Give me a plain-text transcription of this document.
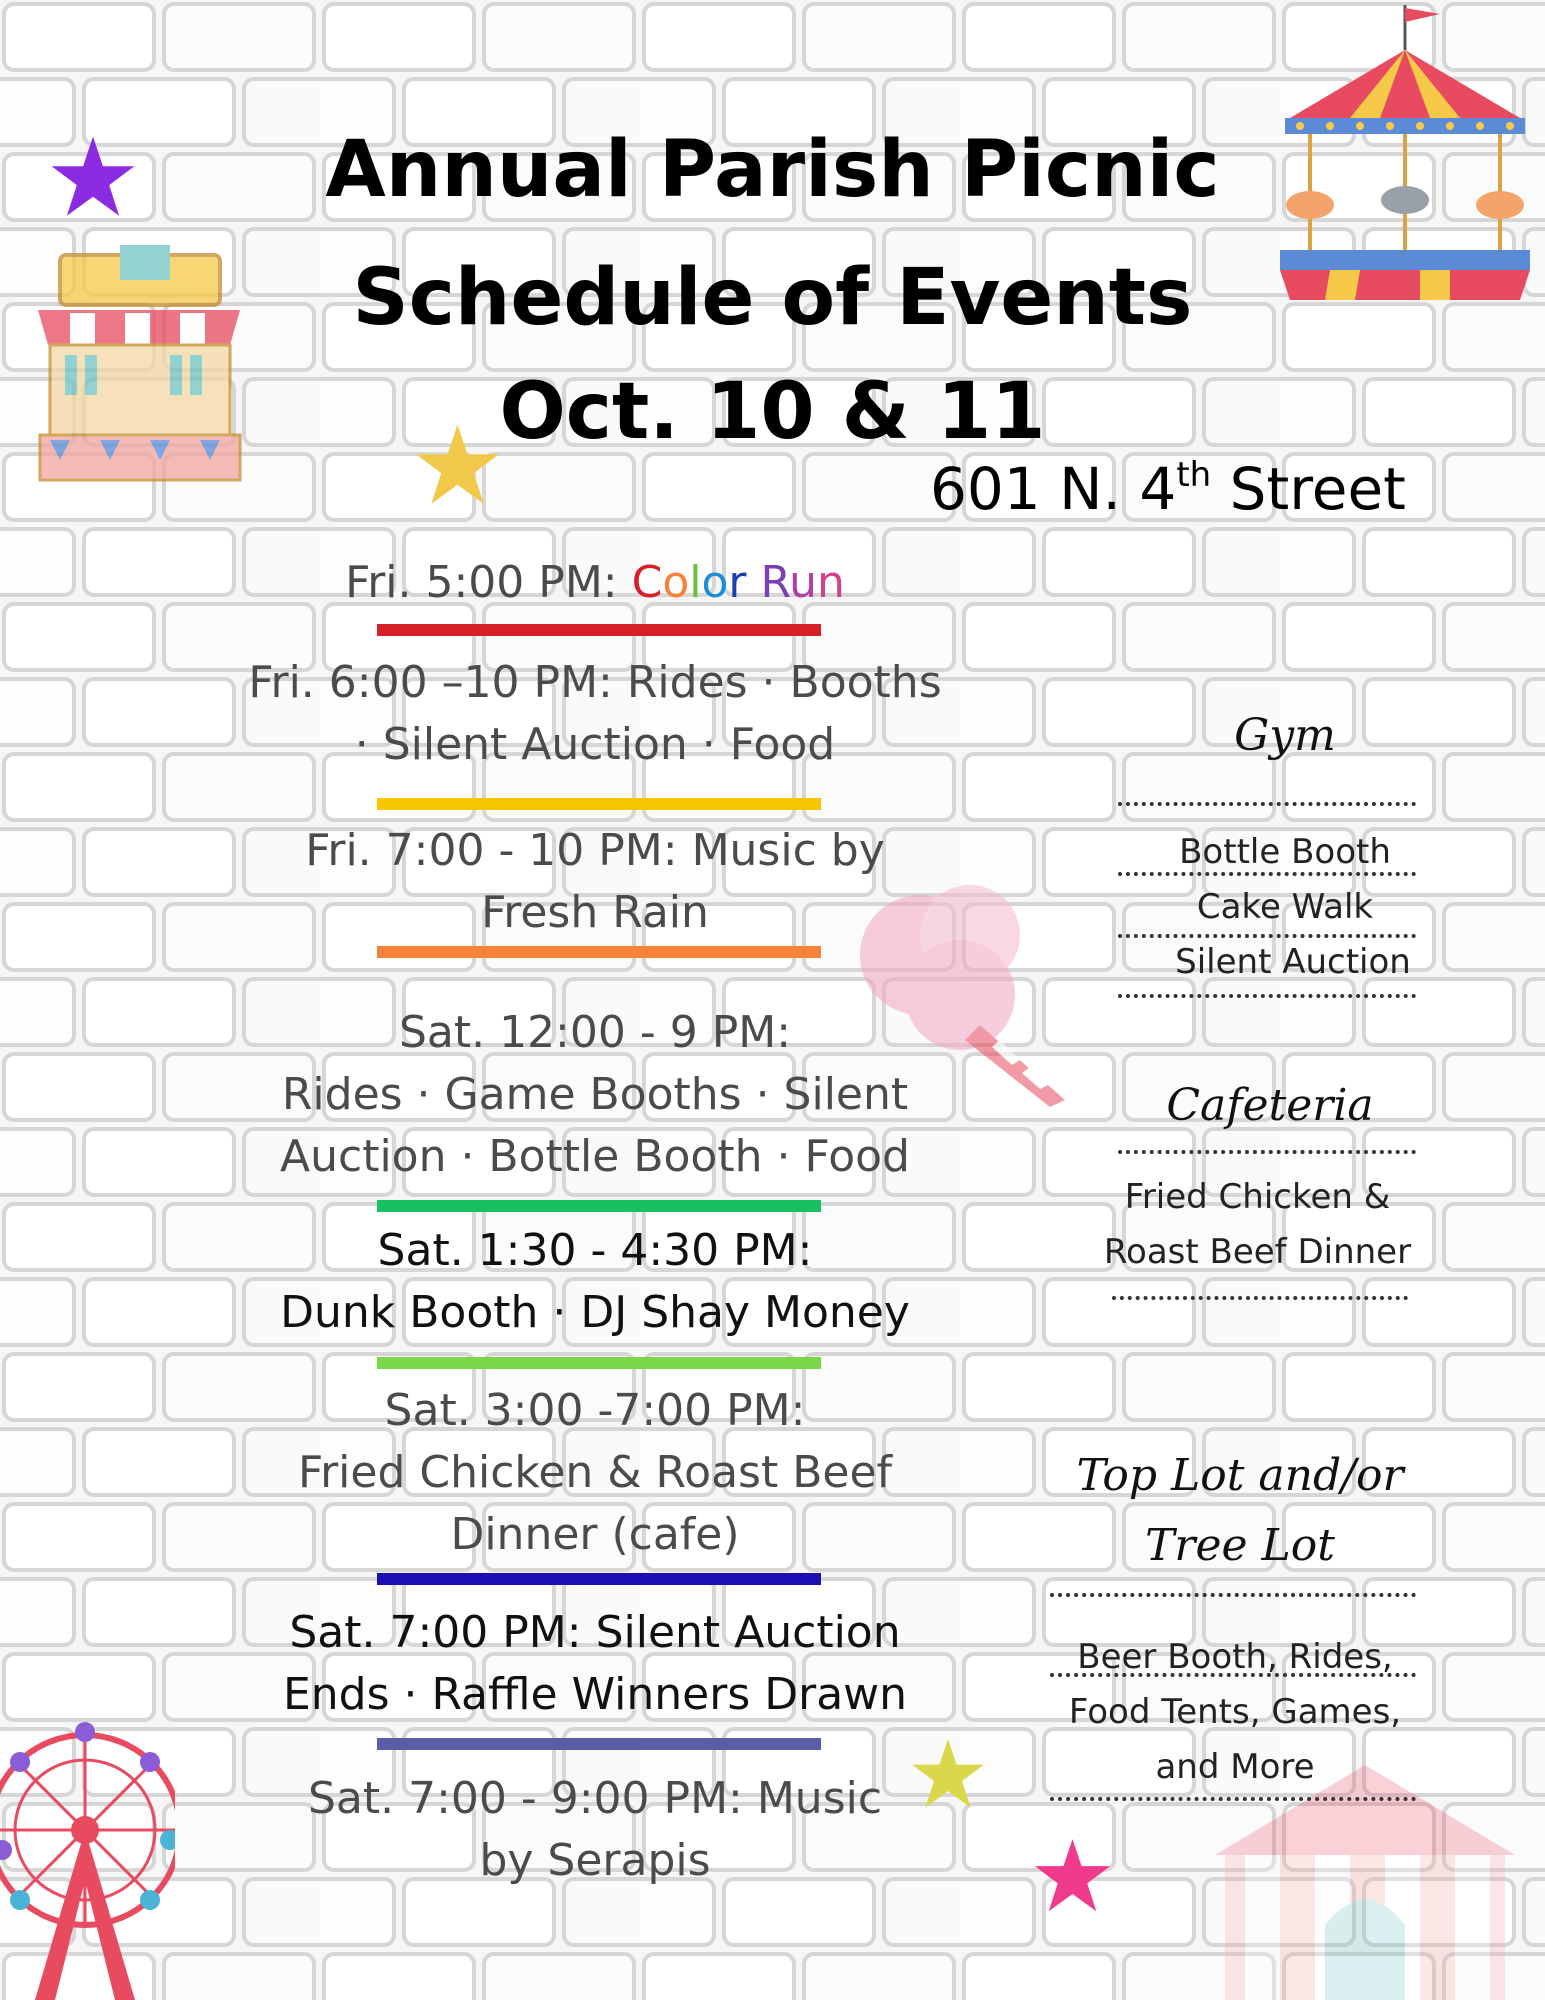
Annual Parish Picnic
Schedule of Events
Oct. 10 & 11
601 N. 4th Street
Fri. 5:00 PM: Color Run
Fri. 6:00 –10 PM: Rides · Booths
· Silent Auction · Food
Fri. 7:00 - 10 PM: Music by
Fresh Rain
Sat. 12:00 - 9 PM:
Rides · Game Booths · Silent
Auction · Bottle Booth · Food
Sat. 1:30 - 4:30 PM:
Dunk Booth · DJ Shay Money
Sat. 3:00 -7:00 PM:
Fried Chicken & Roast Beef
Dinner (cafe)
Sat. 7:00 PM: Silent Auction
Ends · Raffle Winners Drawn
Sat. 7:00 - 9:00 PM: Music
by Serapis
Gym
Bottle Booth
Cake Walk
Silent Auction
Cafeteria
Fried Chicken &
Roast Beef Dinner
Top Lot and/or
Tree Lot
Beer Booth, Rides,
Food Tents, Games,
and More
